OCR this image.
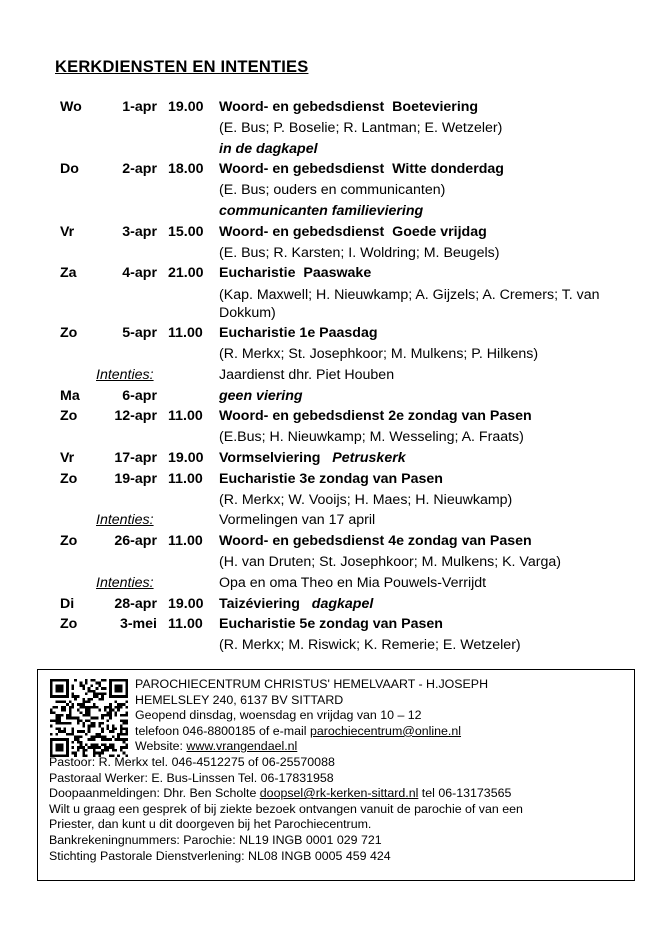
KERKDIENSTEN EN INTENTIES
Wo	1-apr 19.00 Woord- en gebedsdienst  Boeteviering
(E. Bus; P. Boselie; R. Lantman; E. Wetzeler)
in de dagkapel
Do	2-apr 18.00 Woord- en gebedsdienst  Witte donderdag
(E. Bus; ouders en communicanten)
communicanten familieviering
Vr	3-apr 15.00 Woord- en gebedsdienst  Goede vrijdag
(E. Bus; R. Karsten; I. Woldring; M. Beugels)
Za	4-apr 21.00 Eucharistie  Paaswake
(Kap. Maxwell; H. Nieuwkamp; A. Gijzels; A. Cremers; T. van Dokkum)
Zo	5-apr 11.00 Eucharistie 1e Paasdag
(R. Merkx; St. Josephkoor; M. Mulkens; P. Hilkens)
Intenties:	Jaardienst dhr. Piet Houben
Ma	6-apr	geen viering
Zo	12-apr 11.00 Woord- en gebedsdienst 2e zondag van Pasen
(E.Bus; H. Nieuwkamp; M. Wesseling; A. Fraats)
Vr	17-apr 19.00 Vormselviering   Petruskerk
Zo	19-apr 11.00 Eucharistie 3e zondag van Pasen
(R. Merkx; W. Vooijs; H. Maes; H. Nieuwkamp)
Intenties:	Vormelingen van 17 april
Zo	26-apr 11.00 Woord- en gebedsdienst 4e zondag van Pasen
(H. van Druten; St. Josephkoor; M. Mulkens; K. Varga)
Intenties:	Opa en oma Theo en Mia Pouwels-Verrijdt
Di	28-apr 19.00 Taizéviering   dagkapel
Zo	3-mei 11.00 Eucharistie 5e zondag van Pasen
(R. Merkx; M. Riswick; K. Remerie; E. Wetzeler)
PAROCHIECENTRUM CHRISTUS' HEMELVAART - H.JOSEPH
HEMELSLEY 240, 6137 BV SITTARD
Geopend dinsdag, woensdag en vrijdag van 10 – 12
telefoon 046-8800185 of e-mail parochiecentrum@online.nl
Website: www.vrangendael.nl
Pastoor: R. Merkx tel. 046-4512275 of 06-25570088
Pastoraal Werker: E. Bus-Linssen Tel. 06-17831958
Doopaanmeldingen: Dhr. Ben Scholte doopsel@rk-kerken-sittard.nl tel 06-13173565
Wilt u graag een gesprek of bij ziekte bezoek ontvangen vanuit de parochie of van een
Priester, dan kunt u dit doorgeven bij het Parochiecentrum.
Bankrekeningnummers: Parochie: NL19 INGB 0001 029 721
Stichting Pastorale Dienstverlening: NL08 INGB 0005 459 424
